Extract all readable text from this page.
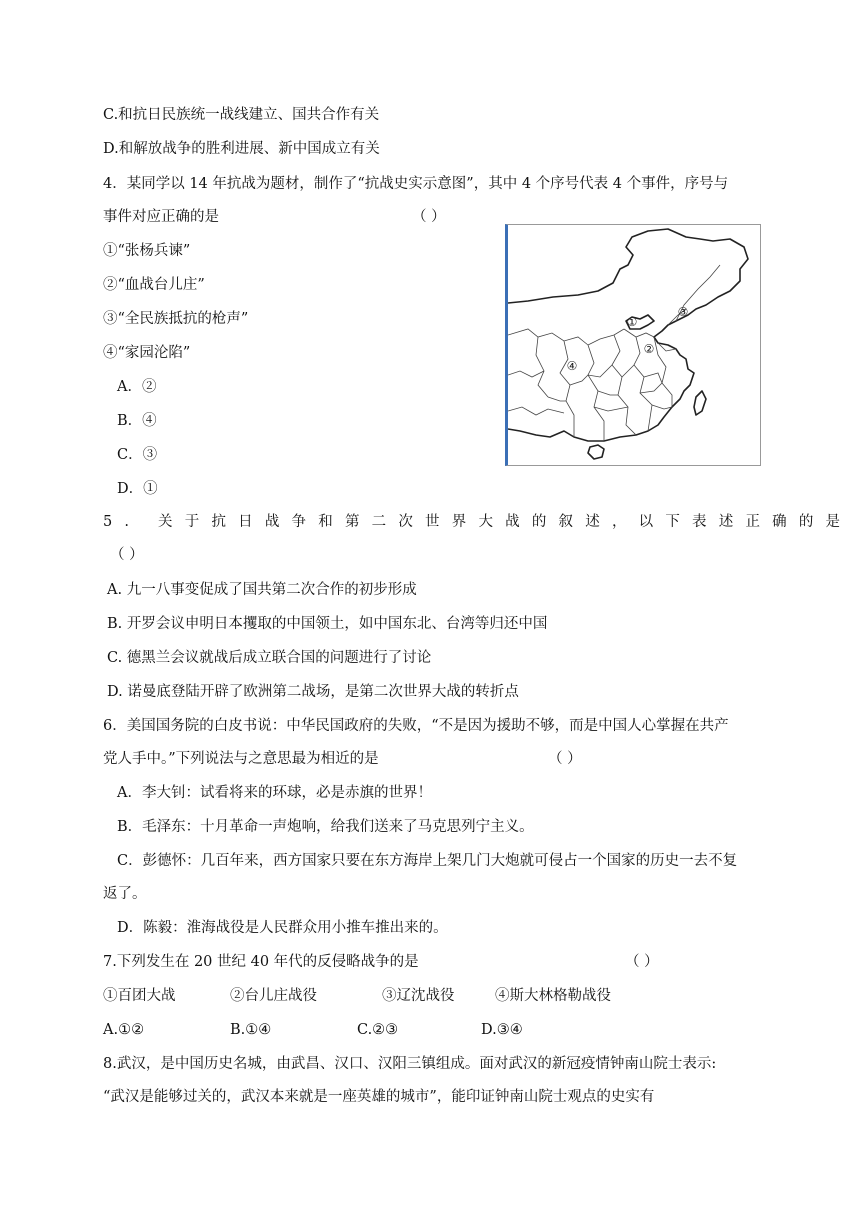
C.和抗日民族统一战线建立、国共合作有关
D.和解放战争的胜利进展、新中国成立有关
4．某同学以 14 年抗战为题材，制作了“抗战史实示意图”，其中 4 个序号代表 4 个事件，序号与
事件对应正确的是	（ ）
①“张杨兵谏”
②“血战台儿庄”
③“全民族抵抗的枪声”
④“家园沦陷”
A．②
B．④
C．③
D．①
①
②
③
④
5. 关于抗日战争和第二次世界大战的叙述，以下表述正确的是
（ ）
A. 九一八事变促成了国共第二次合作的初步形成
B. 开罗会议申明日本攫取的中国领土，如中国东北、台湾等归还中国
C. 德黑兰会议就战后成立联合国的问题进行了讨论
D. 诺曼底登陆开辟了欧洲第二战场，是第二次世界大战的转折点
6．美国国务院的白皮书说：中华民国政府的失败，“不是因为援助不够，而是中国人心掌握在共产
党人手中。”下列说法与之意思最为相近的是	（ ）
A．李大钊：试看将来的环球，必是赤旗的世界！
B．毛泽东：十月革命一声炮响，给我们送来了马克思列宁主义。
C．彭德怀：几百年来，西方国家只要在东方海岸上架几门大炮就可侵占一个国家的历史一去不复
返了。
D．陈毅：淮海战役是人民群众用小推车推出来的。
7.下列发生在 20 世纪 40 年代的反侵略战争的是	（ ）
①百团大战	②台儿庄战役	③辽沈战役	④斯大林格勒战役
A.①②	B.①④	C.②③	D.③④
8.武汉，是中国历史名城，由武昌、汉口、汉阳三镇组成。面对武汉的新冠疫情钟南山院士表示:
“武汉是能够过关的，武汉本来就是一座英雄的城市”，能印证钟南山院士观点的史实有
